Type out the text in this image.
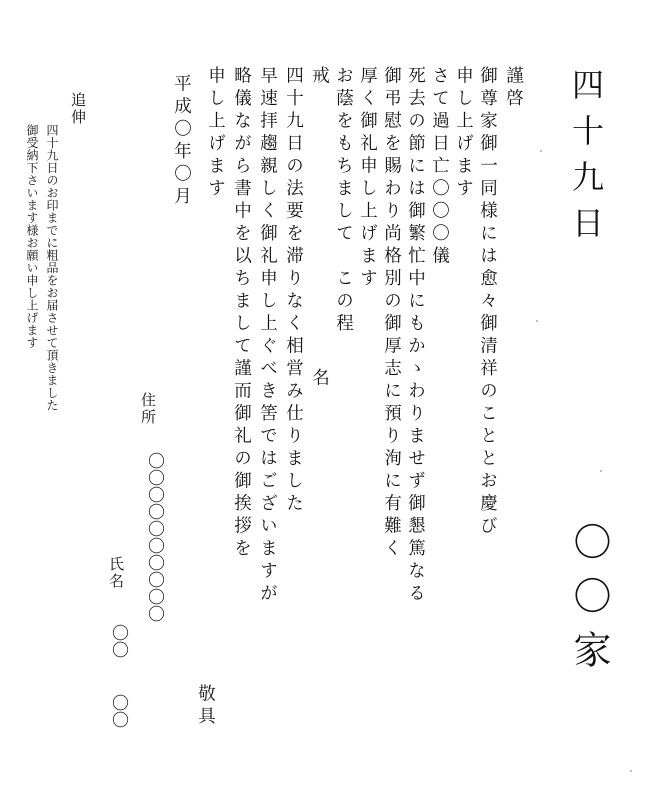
四十九日
〇〇家
謹啓
御尊家御一同様には愈々御清祥のこととお慶び
申し上げます
さて過日亡〇〇〇儀
死去の節には御繁忙中にもかゝわりませず御懇篤なる
御弔慰を賜わり尚格別の御厚志に預り洵に有難く
厚く御礼申し上げます
お蔭をもちまして　この程
戒
名
四十九日の法要を滞りなく相営み仕りました
早速拝趨親しく御礼申し上ぐべき筈ではございますが
略儀ながら書中を以ちまして謹而御礼の御挨拶を
申し上げます
敬具
平成〇年〇月
住所
〇〇〇〇〇〇〇〇〇〇
氏名
〇〇
〇〇
追伸
四十九日のお印までに粗品をお届させて頂きました
御受納下さいます様お願い申し上げます
